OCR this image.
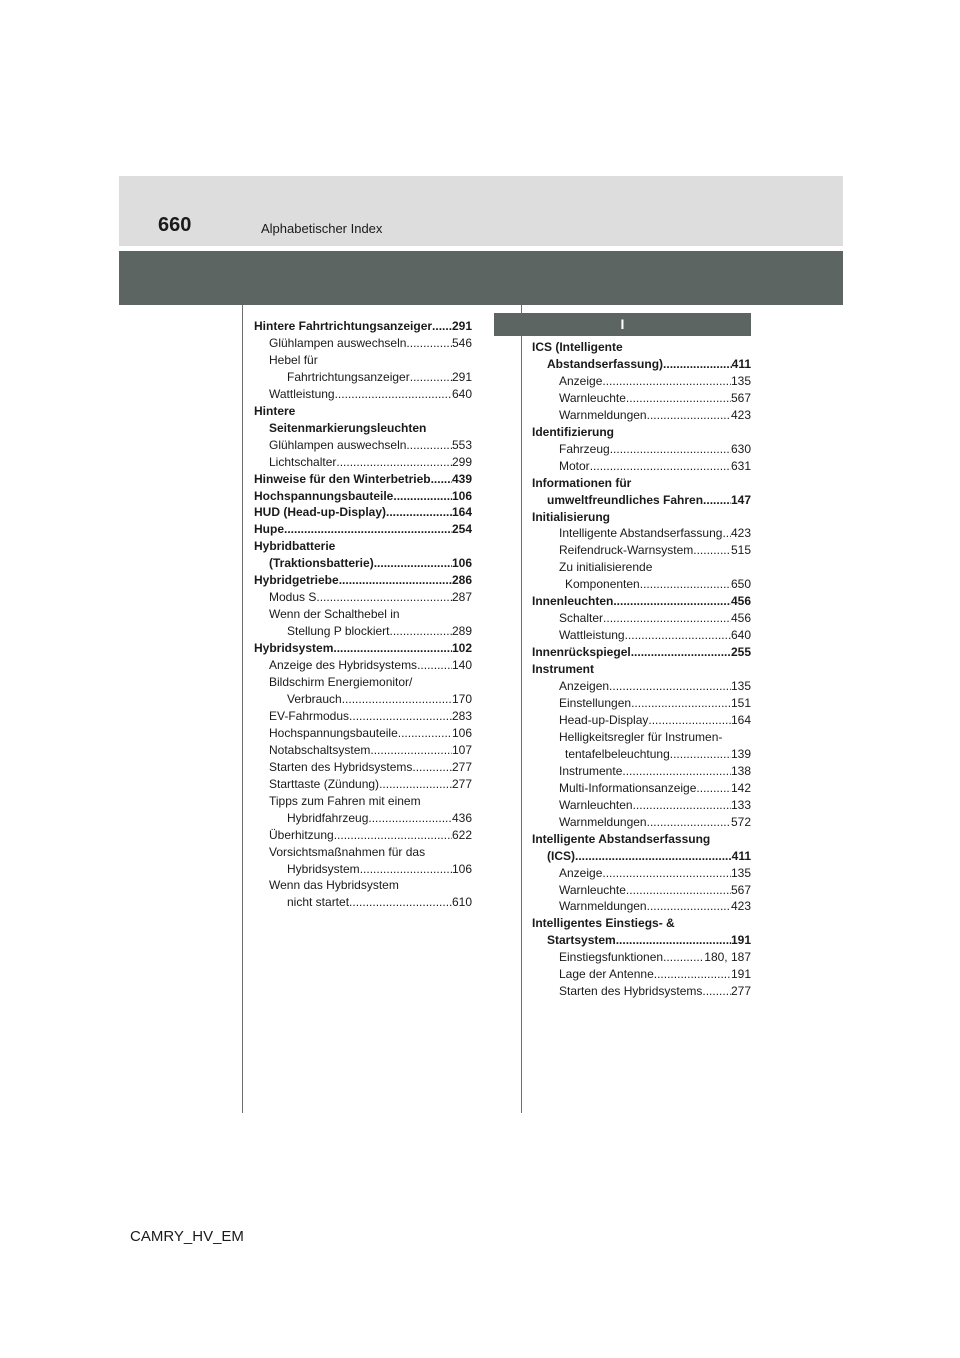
660	Alphabetischer Index
I
Hintere Fahrtrichtungsanzeiger ..... 291
Glühlampen auswechseln .....	546
Hebel für
Fahrtrichtungsanzeiger .....	291
Wattleistung .....	640
Hintere
Seitenmarkierungsleuchten
Glühlampen auswechseln .....	553
Lichtschalter .....	299
Hinweise für den Winterbetrieb ..... 439
Hochspannungsbauteile .....	106
HUD (Head-up-Display) .....	164
Hupe .....	254
Hybridbatterie
(Traktionsbatterie) .....	106
Hybridgetriebe .....	286
Modus S .....	287
Wenn der Schalthebel in
Stellung P blockiert .....	289
Hybridsystem .....	102
Anzeige des Hybridsystems .....	140
Bildschirm Energiemonitor/
Verbrauch .....	170
EV-Fahrmodus .....	283
Hochspannungsbauteile .....	106
Notabschaltsystem .....	107
Starten des Hybridsystems .....	277
Starttaste (Zündung) .....	277
Tipps zum Fahren mit einem
Hybridfahrzeug .....	436
Überhitzung .....	622
Vorsichtsmaßnahmen für das
Hybridsystem .....	106
Wenn das Hybridsystem
nicht startet .....	610
ICS (Intelligente
Abstandserfassung) .....	411
Anzeige .....	135
Warnleuchte .....	567
Warnmeldungen .....	423
Identifizierung
Fahrzeug .....	630
Motor .....	631
Informationen für
umweltfreundliches Fahren ..... 147
Initialisierung
Intelligente Abstandserfassung ..... 423
Reifendruck-Warnsystem .....	515
Zu initialisierende
Komponenten .....	650
Innenleuchten .....	456
Schalter .....	456
Wattleistung .....	640
Innenrückspiegel .....	255
Instrument
Anzeigen .....	135
Einstellungen .....	151
Head-up-Display .....	164
Helligkeitsregler für Instrumen-
tentafelbeleuchtung .....	139
Instrumente .....	138
Multi-Informationsanzeige .....	142
Warnleuchten .....	133
Warnmeldungen .....	572
Intelligente Abstandserfassung
(ICS) .....	411
Anzeige .....	135
Warnleuchte .....	567
Warnmeldungen .....	423
Intelligentes Einstiegs- &
Startsystem .....	191
Einstiegsfunktionen .....	180, 187
Lage der Antenne .....	191
Starten des Hybridsystems ..... 277
CAMRY_HV_EM
